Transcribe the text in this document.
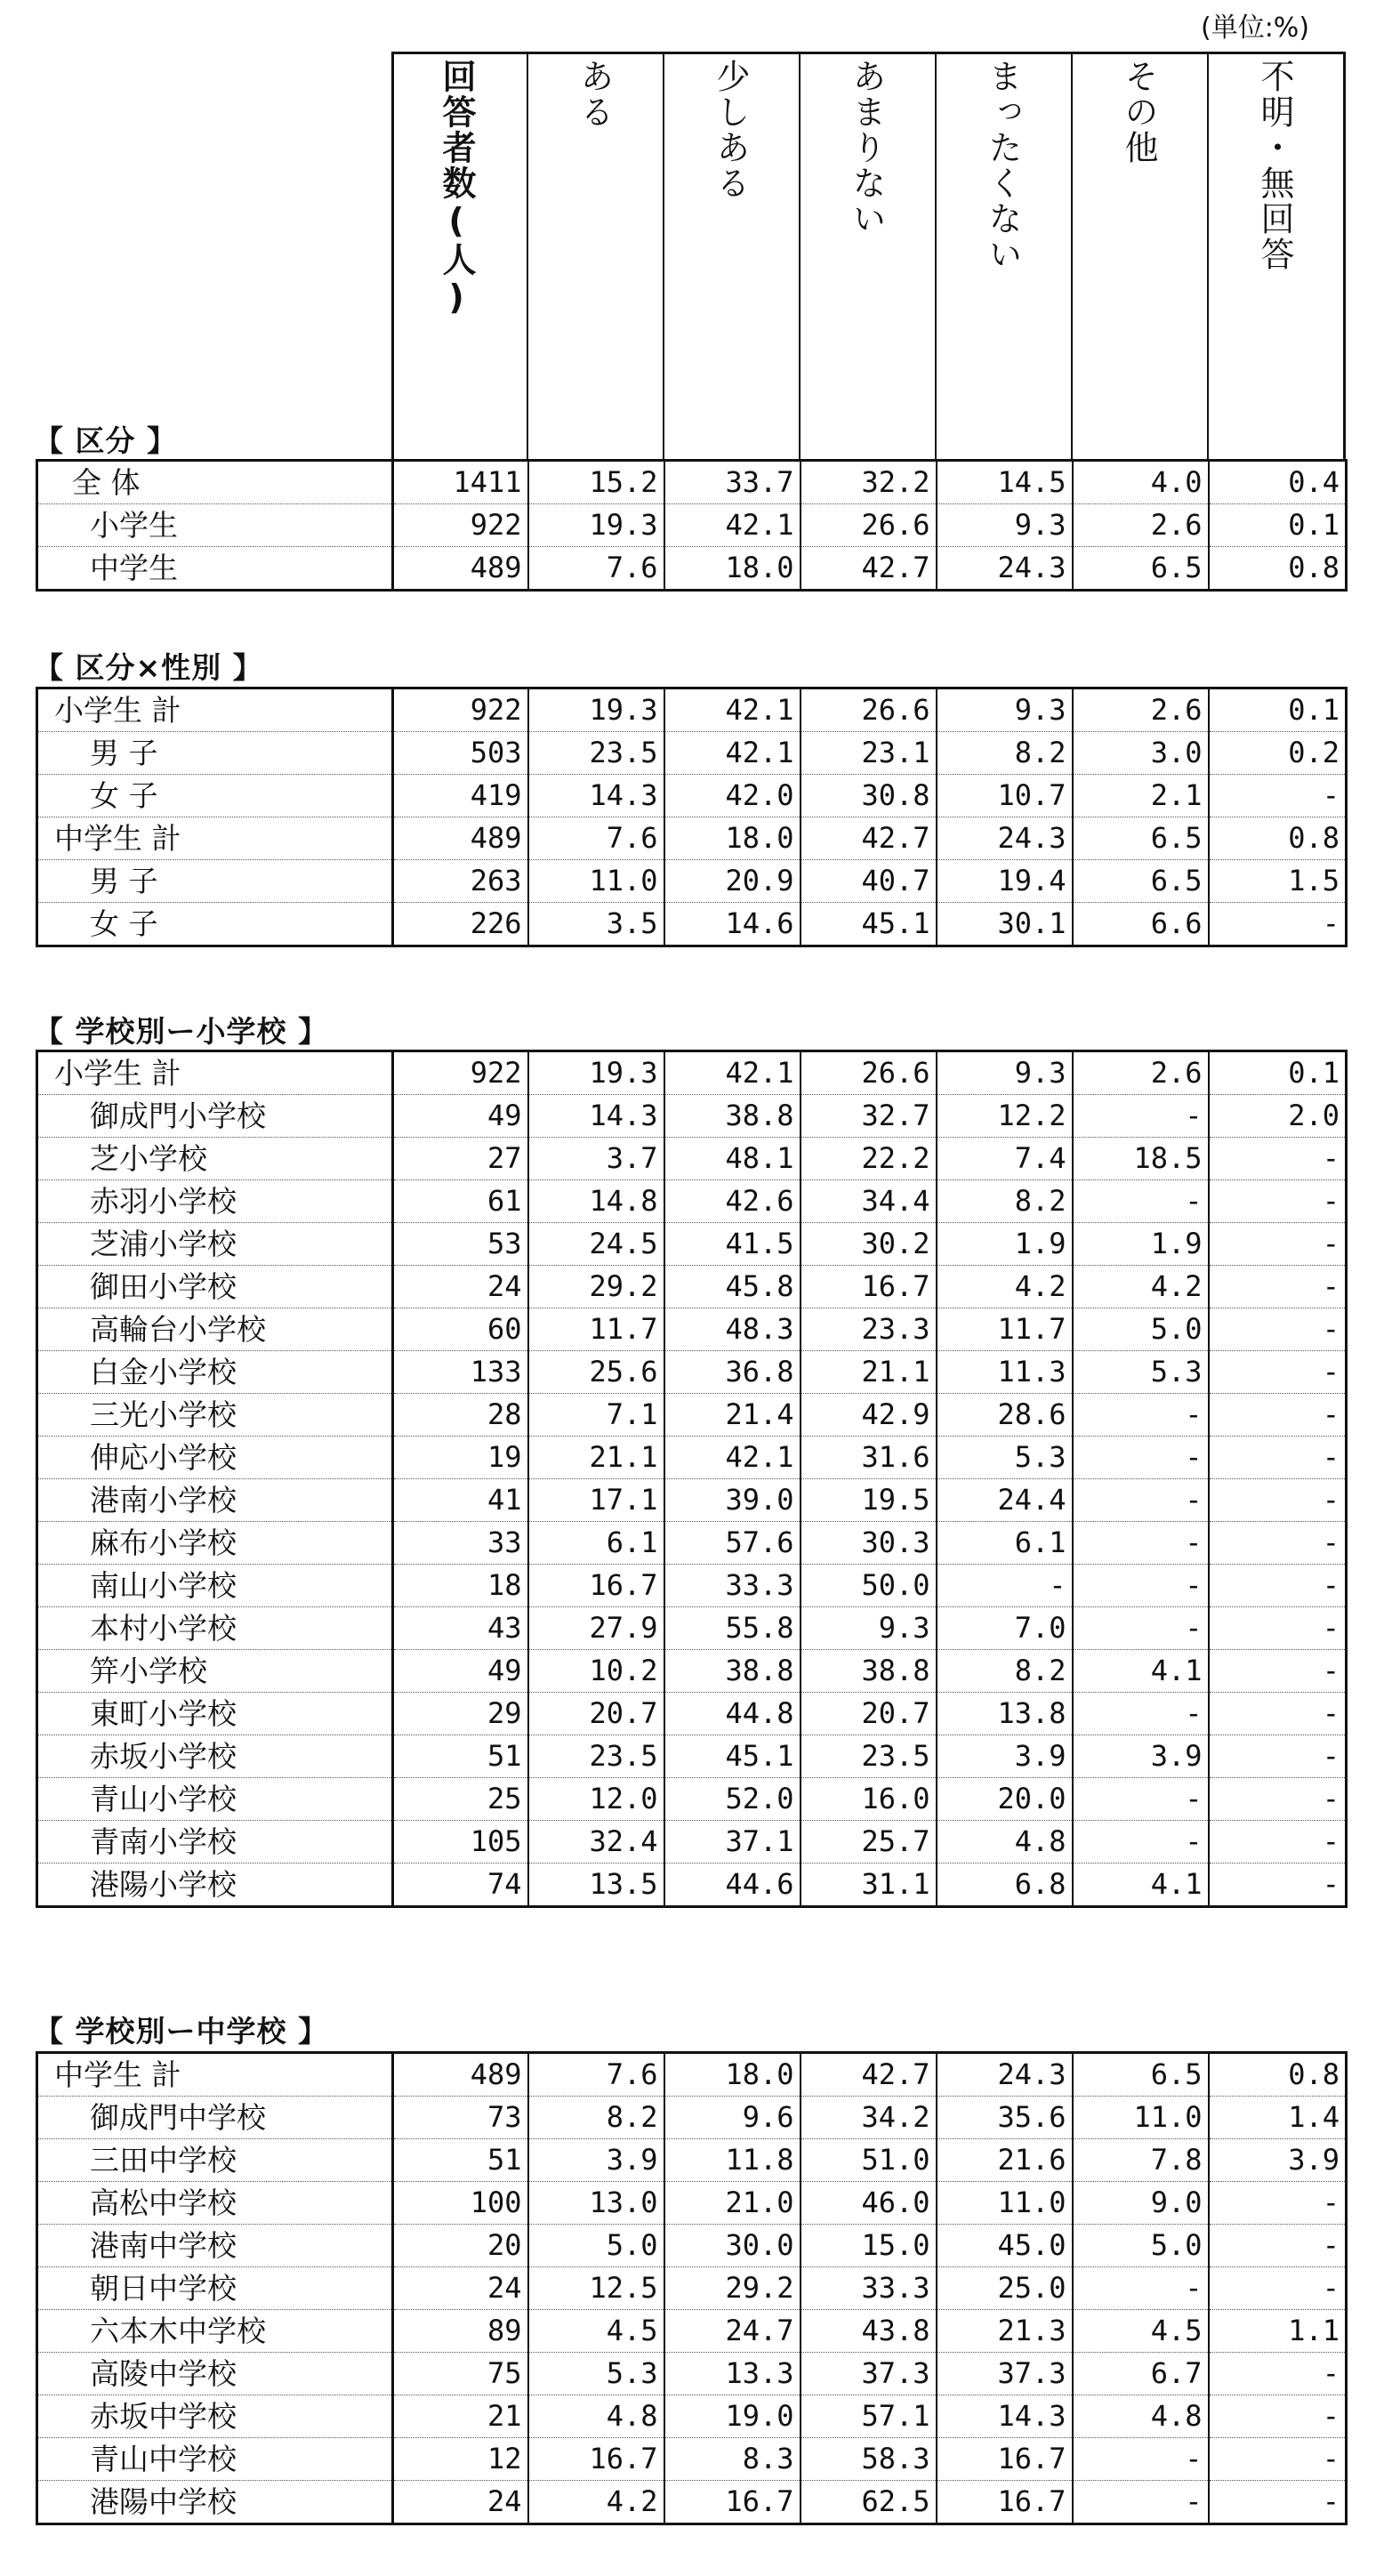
(単位:%)
回答者数(人)	ある	少しある	あまりない	まったくない	その他	不明・無回答
【 区分 】
全 体	1411	15.2	33.7	32.2	14.5	4.0	0.4
小学生	922	19.3	42.1	26.6	9.3	2.6	0.1
中学生	489	7.6	18.0	42.7	24.3	6.5	0.8
【 区分×性別 】
小学生 計	922	19.3	42.1	26.6	9.3	2.6	0.1
男 子	503	23.5	42.1	23.1	8.2	3.0	0.2
女 子	419	14.3	42.0	30.8	10.7	2.1	-
中学生 計	489	7.6	18.0	42.7	24.3	6.5	0.8
男 子	263	11.0	20.9	40.7	19.4	6.5	1.5
女 子	226	3.5	14.6	45.1	30.1	6.6	-
【 学校別ー小学校 】
小学生 計	922	19.3	42.1	26.6	9.3	2.6	0.1
御成門小学校	49	14.3	38.8	32.7	12.2	-	2.0
芝小学校	27	3.7	48.1	22.2	7.4	18.5	-
赤羽小学校	61	14.8	42.6	34.4	8.2	-	-
芝浦小学校	53	24.5	41.5	30.2	1.9	1.9	-
御田小学校	24	29.2	45.8	16.7	4.2	4.2	-
高輪台小学校	60	11.7	48.3	23.3	11.7	5.0	-
白金小学校	133	25.6	36.8	21.1	11.3	5.3	-
三光小学校	28	7.1	21.4	42.9	28.6	-	-
伸応小学校	19	21.1	42.1	31.6	5.3	-	-
港南小学校	41	17.1	39.0	19.5	24.4	-	-
麻布小学校	33	6.1	57.6	30.3	6.1	-	-
南山小学校	18	16.7	33.3	50.0	-	-	-
本村小学校	43	27.9	55.8	9.3	7.0	-	-
笄小学校	49	10.2	38.8	38.8	8.2	4.1	-
東町小学校	29	20.7	44.8	20.7	13.8	-	-
赤坂小学校	51	23.5	45.1	23.5	3.9	3.9	-
青山小学校	25	12.0	52.0	16.0	20.0	-	-
青南小学校	105	32.4	37.1	25.7	4.8	-	-
港陽小学校	74	13.5	44.6	31.1	6.8	4.1	-
【 学校別ー中学校 】
中学生 計	489	7.6	18.0	42.7	24.3	6.5	0.8
御成門中学校	73	8.2	9.6	34.2	35.6	11.0	1.4
三田中学校	51	3.9	11.8	51.0	21.6	7.8	3.9
高松中学校	100	13.0	21.0	46.0	11.0	9.0	-
港南中学校	20	5.0	30.0	15.0	45.0	5.0	-
朝日中学校	24	12.5	29.2	33.3	25.0	-	-
六本木中学校	89	4.5	24.7	43.8	21.3	4.5	1.1
高陵中学校	75	5.3	13.3	37.3	37.3	6.7	-
赤坂中学校	21	4.8	19.0	57.1	14.3	4.8	-
青山中学校	12	16.7	8.3	58.3	16.7	-	-
港陽中学校	24	4.2	16.7	62.5	16.7	-	-
